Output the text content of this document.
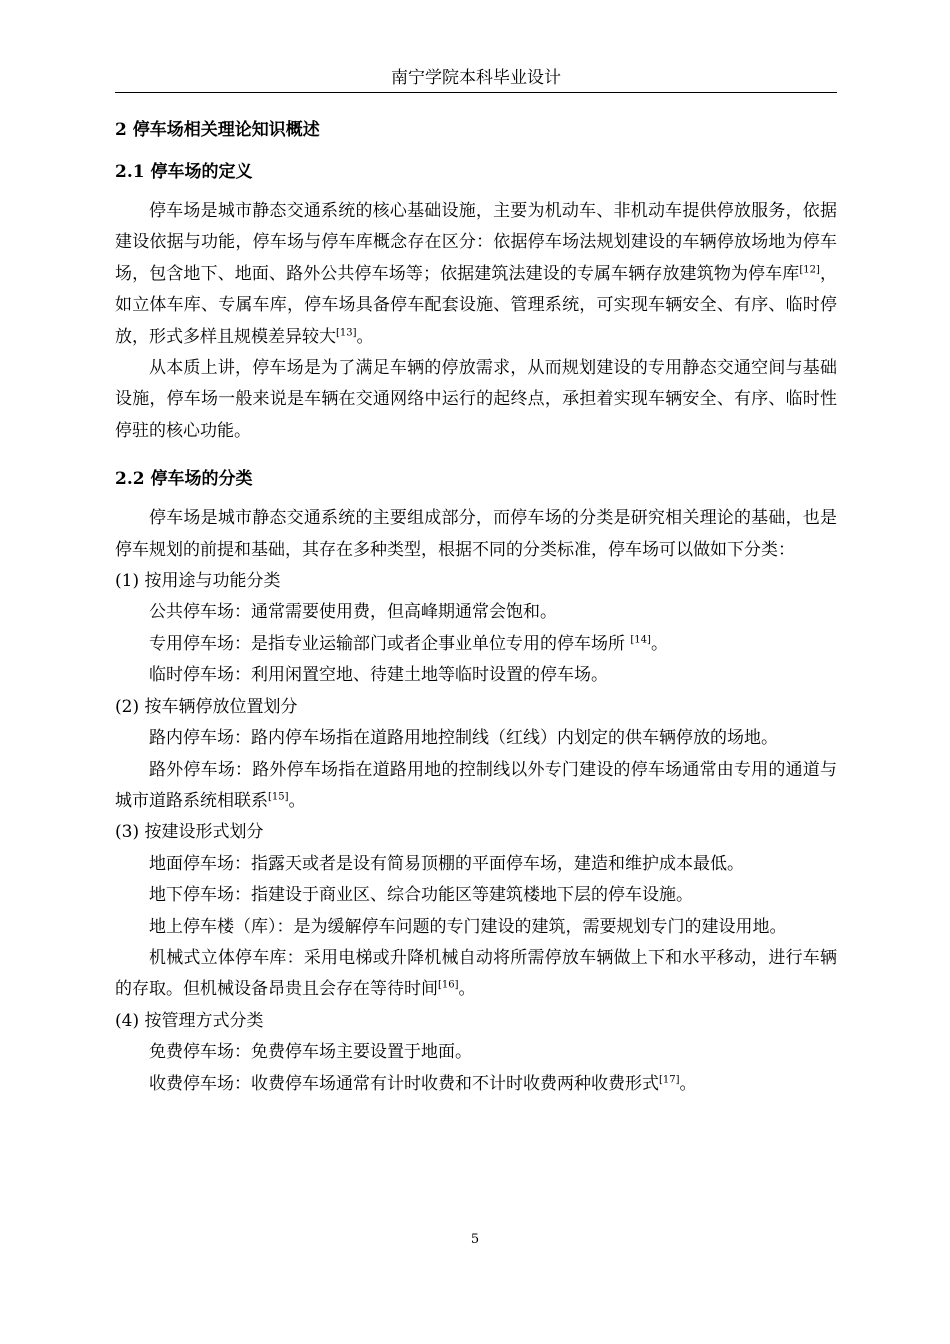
南宁学院本科毕业设计

2 停车场相关理论知识概述

2.1 停车场的定义

停车场是城市静态交通系统的核心基础设施，主要为机动车、非机动车提供停放服务，依据建设依据与功能，停车场与停车库概念存在区分：依据停车场法规划建设的车辆停放场地为停车场，包含地下、地面、路外公共停车场等；依据建筑法建设的专属车辆存放建筑物为停车库[12]，如立体车库、专属车库，停车场具备停车配套设施、管理系统，可实现车辆安全、有序、临时停放，形式多样且规模差异较大[13]。

从本质上讲，停车场是为了满足车辆的停放需求，从而规划建设的专用静态交通空间与基础设施，停车场一般来说是车辆在交通网络中运行的起终点，承担着实现车辆安全、有序、临时性停驻的核心功能。

2.2 停车场的分类

停车场是城市静态交通系统的主要组成部分，而停车场的分类是研究相关理论的基础，也是停车规划的前提和基础，其存在多种类型，根据不同的分类标准，停车场可以做如下分类：

(1) 按用途与功能分类

公共停车场：通常需要使用费，但高峰期通常会饱和。

专用停车场：是指专业运输部门或者企事业单位专用的停车场所 [14]。

临时停车场：利用闲置空地、待建土地等临时设置的停车场。

(2) 按车辆停放位置划分

路内停车场：路内停车场指在道路用地控制线（红线）内划定的供车辆停放的场地。

路外停车场：路外停车场指在道路用地的控制线以外专门建设的停车场通常由专用的通道与城市道路系统相联系[15]。

(3) 按建设形式划分

地面停车场：指露天或者是设有简易顶棚的平面停车场，建造和维护成本最低。

地下停车场：指建设于商业区、综合功能区等建筑楼地下层的停车设施。

地上停车楼（库）：是为缓解停车问题的专门建设的建筑，需要规划专门的建设用地。

机械式立体停车库：采用电梯或升降机械自动将所需停放车辆做上下和水平移动，进行车辆的存取。但机械设备昂贵且会存在等待时间[16]。

(4) 按管理方式分类

免费停车场：免费停车场主要设置于地面。

收费停车场：收费停车场通常有计时收费和不计时收费两种收费形式[17]。

5
